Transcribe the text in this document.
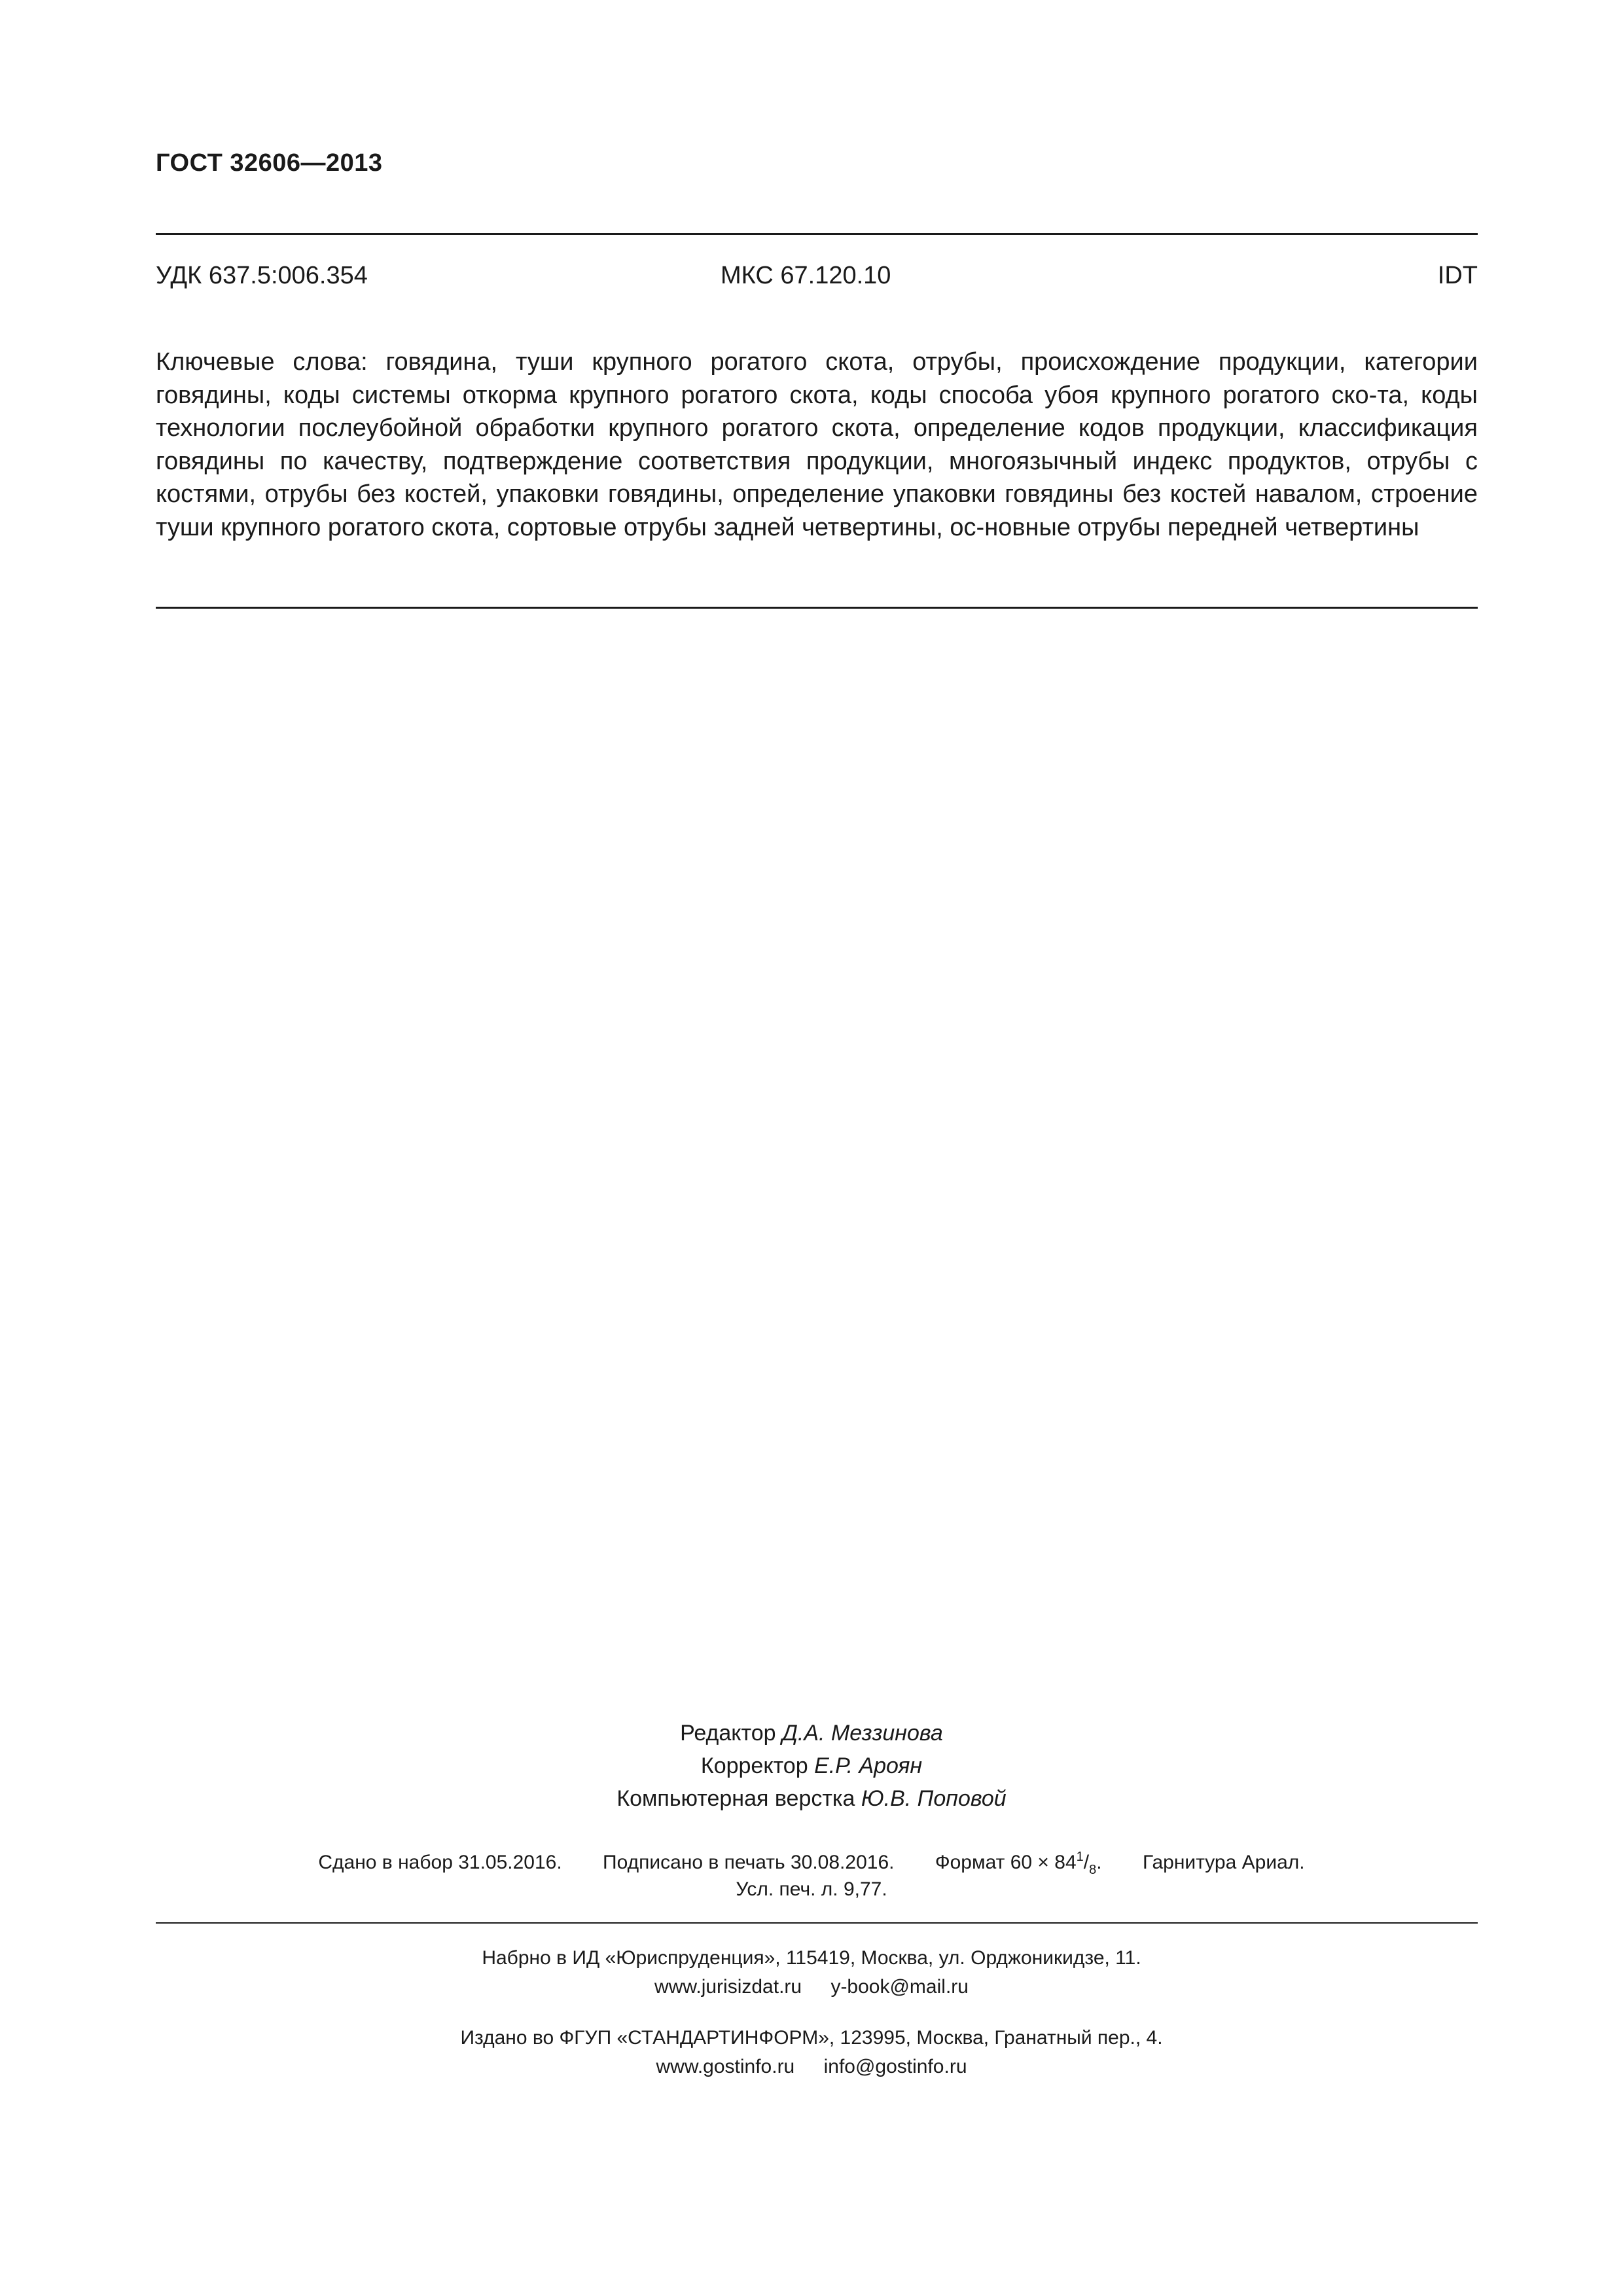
ГОСТ 32606—2013
УДК 637.5:006.354	МКС 67.120.10	IDT
Ключевые слова: говядина, туши крупного рогатого скота, отрубы, происхождение продукции, категории говядины, коды системы откорма крупного рогатого скота, коды способа убоя крупного рогатого ско-та, коды технологии послеубойной обработки крупного рогатого скота, определение кодов продукции, классификация говядины по качеству, подтверждение соответствия продукции, многоязычный индекс продуктов, отрубы с костями, отрубы без костей, упаковки говядины, определение упаковки говядины без костей навалом, строение туши крупного рогатого скота, сортовые отрубы задней четвертины, ос-новные отрубы передней четвертины
Редактор Д.А. Меззинова
Корректор Е.Р. Ароян
Компьютерная верстка Ю.В. Поповой
Сдано в набор 31.05.2016. Подписано в печать 30.08.2016. Формат $60 \times 84^1/_8$. Гарнитура Ариал.
Усл. печ. л. 9,77.
Набрно в ИД «Юриспруденция», 115419, Москва, ул. Орджоникидзе, 11.
www.jurisizdat.ru y-book@mail.ru
Издано во ФГУП «СТАНДАРТИНФОРМ», 123995, Москва, Гранатный пер., 4.
www.gostinfo.ru info@gostinfo.ru
